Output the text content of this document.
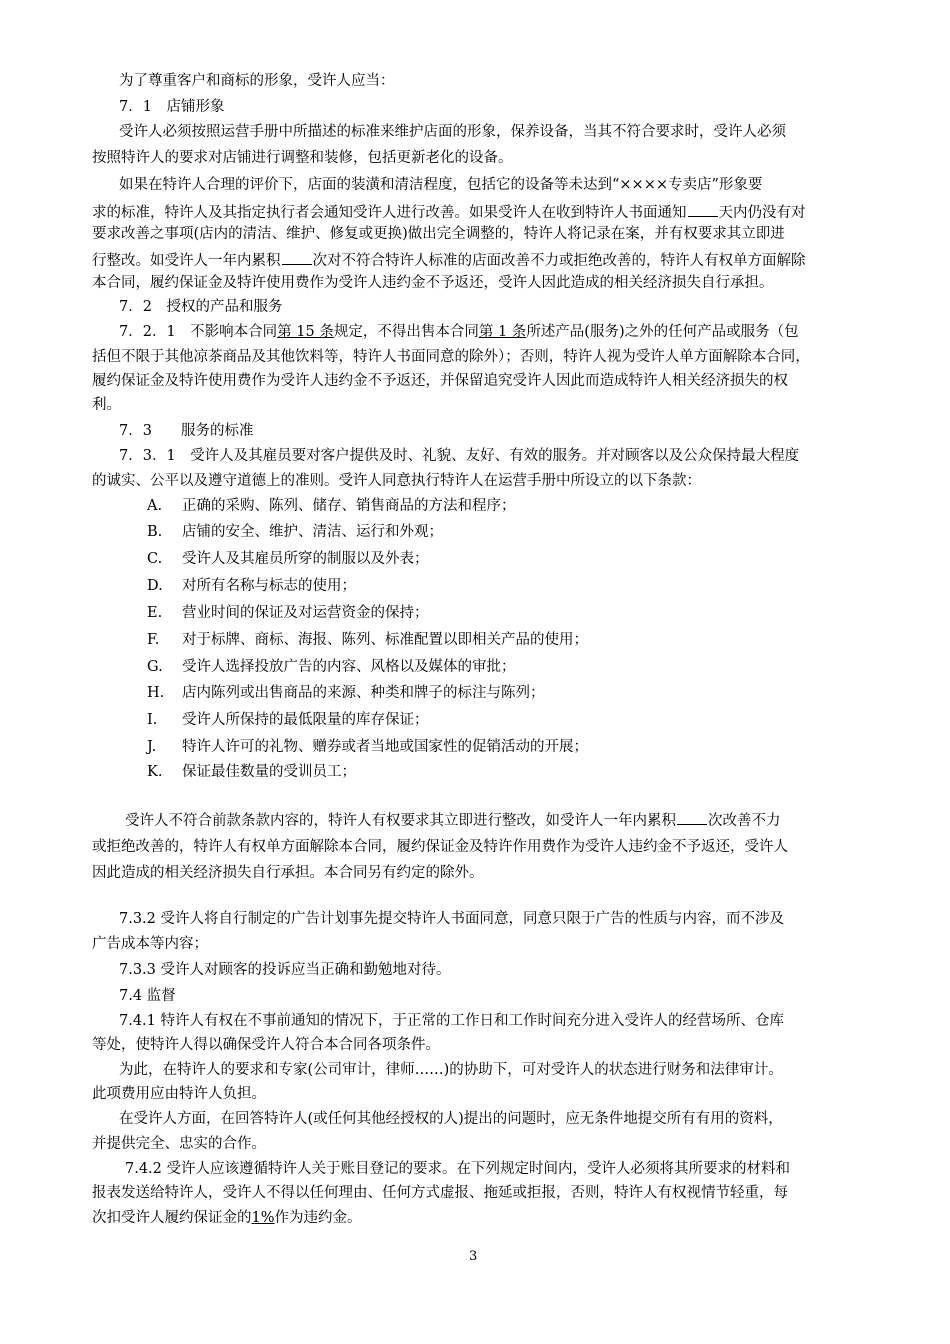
为了尊重客户和商标的形象，受许人应当：
7．1　店铺形象
受许人必须按照运营手册中所描述的标准来维护店面的形象，保养设备，当其不符合要求时，受许人必须
按照特许人的要求对店铺进行调整和装修，包括更新老化的设备。
如果在特许人合理的评价下，店面的装潢和清洁程度，包括它的设备等未达到“××××专卖店”形象要
求的标准，特许人及其指定执行者会通知受许人进行改善。如果受许人在收到特许人书面通知 天内仍没有对
要求改善之事项(店内的清洁、维护、修复或更换)做出完全调整的，特许人将记录在案，并有权要求其立即进
行整改。如受许人一年内累积 次对不符合特许人标准的店面改善不力或拒绝改善的，特许人有权单方面解除
本合同，履约保证金及特许使用费作为受许人违约金不予返还，受许人因此造成的相关经济损失自行承担。
7．2　授权的产品和服务
7．2．1　不影响本合同第 15 条规定，不得出售本合同第 1 条所述产品(服务)之外的任何产品或服务（包
括但不限于其他凉茶商品及其他饮料等，特许人书面同意的除外）；否则，特许人视为受许人单方面解除本合同，
履约保证金及特许使用费作为受许人违约金不予返还，并保留追究受许人因此而造成特许人相关经济损失的权
利。
7．3　　服务的标准
7．3．1　受许人及其雇员要对客户提供及时、礼貌、友好、有效的服务。并对顾客以及公众保持最大程度
的诚实、公平以及遵守道德上的准则。受许人同意执行特许人在运营手册中所设立的以下条款：
A. 正确的采购、陈列、储存、销售商品的方法和程序；
B. 店铺的安全、维护、清洁、运行和外观；
C. 受许人及其雇员所穿的制服以及外表；
D. 对所有名称与标志的使用；
E. 营业时间的保证及对运营资金的保持；
F. 对于标牌、商标、海报、陈列、标准配置以即相关产品的使用；
G. 受许人选择投放广告的内容、风格以及媒体的审批；
H. 店内陈列或出售商品的来源、种类和牌子的标注与陈列；
I. 受许人所保持的最低限量的库存保证；
J. 特许人许可的礼物、赠券或者当地或国家性的促销活动的开展；
K. 保证最佳数量的受训员工；
受许人不符合前款条款内容的，特许人有权要求其立即进行整改，如受许人一年内累积 次改善不力
或拒绝改善的，特许人有权单方面解除本合同，履约保证金及特许作用费作为受许人违约金不予返还，受许人
因此造成的相关经济损失自行承担。本合同另有约定的除外。
7.3.2 受许人将自行制定的广告计划事先提交特许人书面同意，同意只限于广告的性质与内容，而不涉及
广告成本等内容；
7.3.3 受许人对顾客的投诉应当正确和勤勉地对待。
7.4 监督
7.4.1 特许人有权在不事前通知的情况下，于正常的工作日和工作时间充分进入受许人的经营场所、仓库
等处，使特许人得以确保受许人符合本合同各项条件。
为此，在特许人的要求和专家(公司审计，律师……)的协助下，可对受许人的状态进行财务和法律审计。
此项费用应由特许人负担。
在受许人方面，在回答特许人(或任何其他经授权的人)提出的问题时，应无条件地提交所有有用的资料，
并提供完全、忠实的合作。
7.4.2 受许人应该遵循特许人关于账目登记的要求。在下列规定时间内，受许人必须将其所要求的材料和
报表发送给特许人，受许人不得以任何理由、任何方式虚报、拖延或拒报，否则，特许人有权视情节轻重，每
次扣受许人履约保证金的1%作为违约金。
3
